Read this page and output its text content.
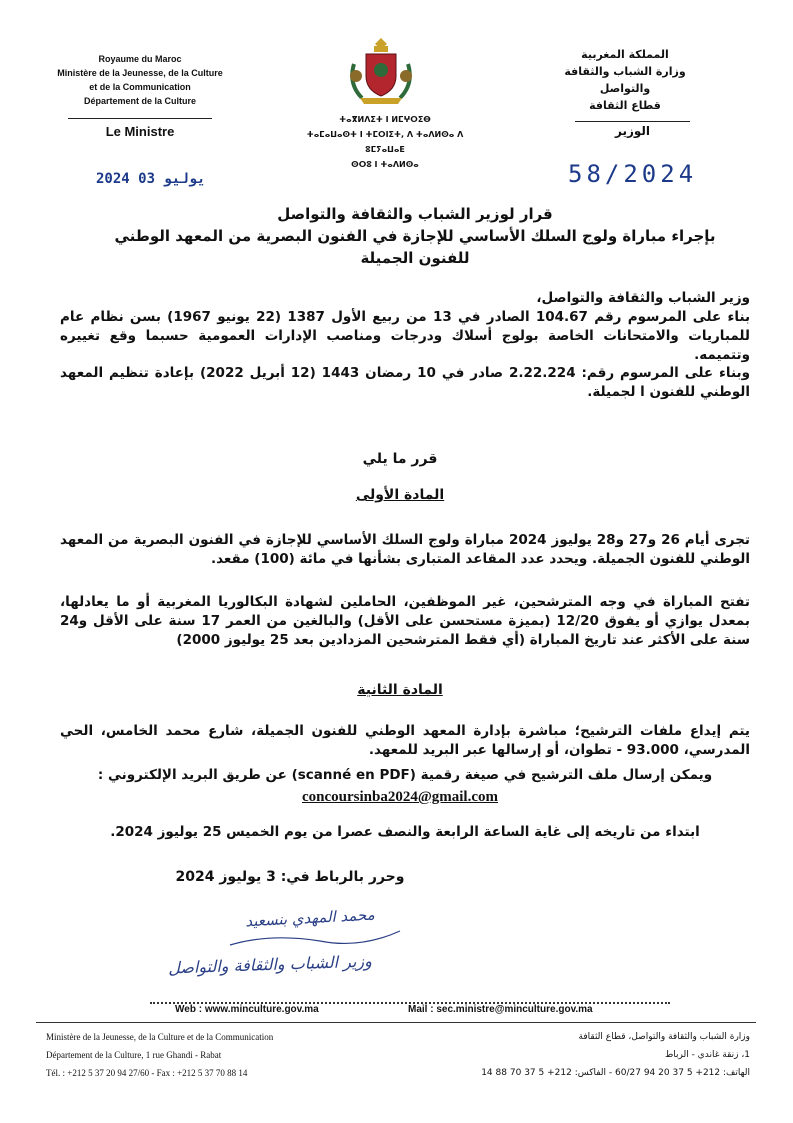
Royaume du Maroc
Ministère de la Jeunesse, de la Culture
et de la Communication
Département de la Culture
Le Ministre
ⵜⴰⴳⵍⴷⵉⵜ ⵏ ⵍⵎⵖⵔⵉⴱ
ⵜⴰⵎⴰⵡⴰⵙⵜ ⵏ ⵜⵎⵔⵏⵉⵜ, ⴷ ⵜⴰⴷⵍⵙⴰ ⴷ ⵓⵎⵢⴰⵡⴰⴹ
ⵙⵔⵓ ⵏ ⵜⴰⴷⵍⵙⴰ
المملكة المغربية
وزارة الشباب والثقافة
والتواصل
قطاع الثقافة
الوزير
2024 يوليو 03	58/2024
قرار لوزير الشباب والثقافة والتواصل
بإجراء مباراة ولوج السلك الأساسي للإجازة في الفنون البصرية من المعهد الوطني للفنون الجميلة
وزير الشباب والثقافة والتواصل،
بناء على المرسوم رقم 104.67 الصادر في 13 من ربيع الأول 1387 (22 يونيو 1967) بسن نظام عام للمباريات والامتحانات الخاصة بولوج أسلاك ودرجات ومناصب الإدارات العمومية حسبما وقع تغييره وتتميمه.
وبناء على المرسوم رقم: 2.22.224 صادر في 10 رمضان 1443 (12 أبريل 2022) بإعادة تنظيم المعهد الوطني للفنون ا لجميلة.
قرر ما يلي
المادة الأولى
تجرى أيام 26 و27 و28 يوليوز 2024 مباراة ولوج السلك الأساسي للإجازة في الفنون البصرية من المعهد الوطني للفنون الجميلة. ويحدد عدد المقاعد المتبارى بشأنها في مائة (100) مقعد.
تفتح المباراة في وجه المترشحين، غير الموظفين، الحاملين لشهادة البكالوريا المغربية أو ما يعادلها، بمعدل يوازي أو يفوق 12/20 (بميزة مستحسن على الأقل) والبالغين من العمر 17 سنة على الأقل و24 سنة على الأكثر عند تاريخ المباراة (أي فقط المترشحين المزدادين بعد 25 يوليوز 2000)
المادة الثانية
يتم إيداع ملفات الترشيح؛ مباشرة بإدارة المعهد الوطني للفنون الجميلة، شارع محمد الخامس، الحي المدرسي، 93.000 - تطوان، أو إرسالها عبر البريد للمعهد.
ويمكن إرسال ملف الترشيح في صيغة رقمية (scanné en PDF) عن طريق البريد الإلكتروني :
concoursinba2024@gmail.com
ابتداء من تاريخه إلى غاية الساعة الرابعة والنصف عصرا من يوم الخميس 25 يوليوز 2024.
وحرر بالرباط في: 3 يوليوز 2024
محمد المهدي بنسعيد
وزير الشباب والثقافة والتواصل
Web : www.minculture.gov.ma	Mail : sec.ministre@minculture.gov.ma
Ministère de la Jeunesse, de la Culture et de la Communication
Département de la Culture, 1 rue Ghandi - Rabat
Tél. : +212 5 37 20 94 27/60 - Fax : +212 5 37 70 88 14
وزارة الشباب والثقافة والتواصل، قطاع الثقافة
1، زنقة غاندي - الرباط
الهاتف: 212+ 5 37 20 94 60/27 - الفاكس: 212+ 5 37 70 88 14
